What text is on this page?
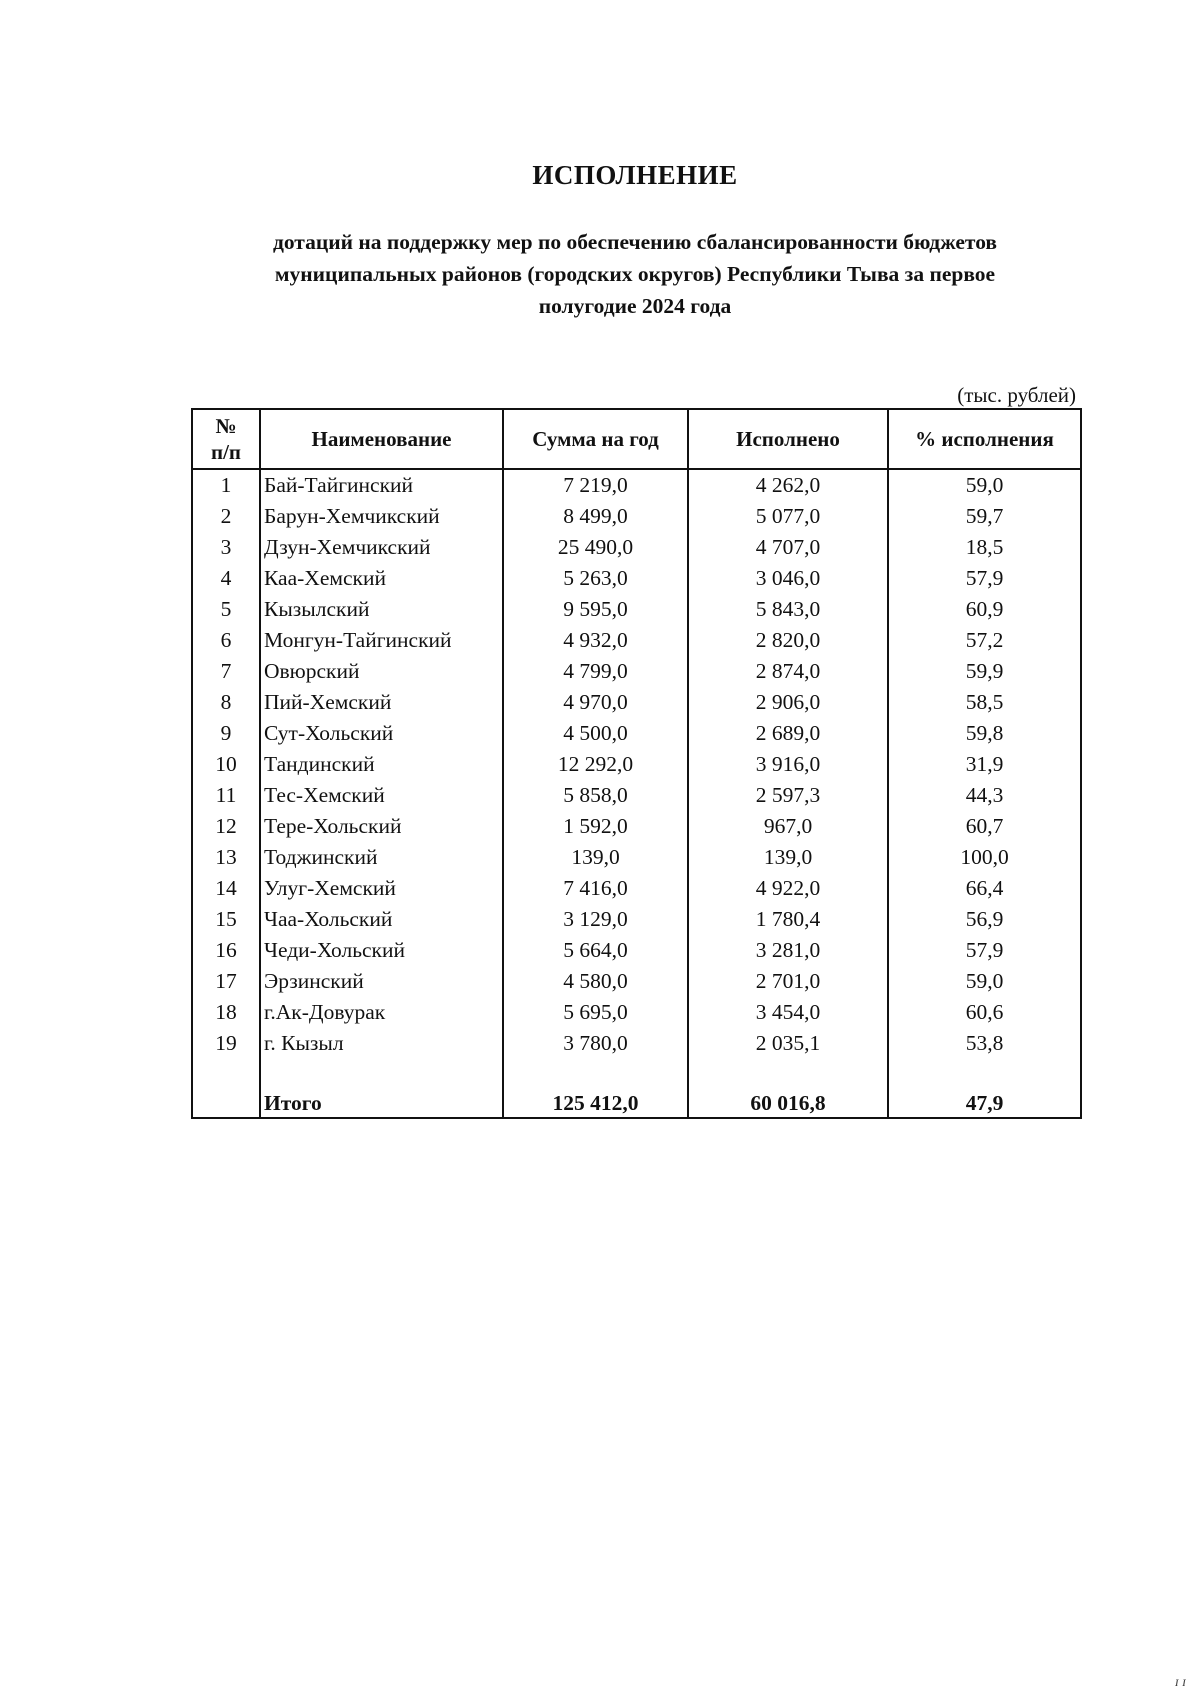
ИСПОЛНЕНИЕ
дотаций на поддержку мер по обеспечению сбалансированности бюджетов
муниципальных районов (городских округов) Республики Тыва за первое
полугодие 2024 года
(тыс. рублей)
№
п/п	Наименование	Сумма на год	Исполнено	% исполнения
1	Бай-Тайгинский	7 219,0	4 262,0	59,0
2	Барун-Хемчикский	8 499,0	5 077,0	59,7
3	Дзун-Хемчикский	25 490,0	4 707,0	18,5
4	Каа-Хемский	5 263,0	3 046,0	57,9
5	Кызылский	9 595,0	5 843,0	60,9
6	Монгун-Тайгинский	4 932,0	2 820,0	57,2
7	Овюрский	4 799,0	2 874,0	59,9
8	Пий-Хемский	4 970,0	2 906,0	58,5
9	Сут-Хольский	4 500,0	2 689,0	59,8
10	Тандинский	12 292,0	3 916,0	31,9
11	Тес-Хемский	5 858,0	2 597,3	44,3
12	Тере-Хольский	1 592,0	967,0	60,7
13	Тоджинский	139,0	139,0	100,0
14	Улуг-Хемский	7 416,0	4 922,0	66,4
15	Чаа-Хольский	3 129,0	1 780,4	56,9
16	Чеди-Хольский	5 664,0	3 281,0	57,9
17	Эрзинский	4 580,0	2 701,0	59,0
18	г.Ак-Довурак	5 695,0	3 454,0	60,6
19	г. Кызыл	3 780,0	2 035,1	53,8

	Итого	125 412,0	60 016,8	47,9
ɪ ɪ
